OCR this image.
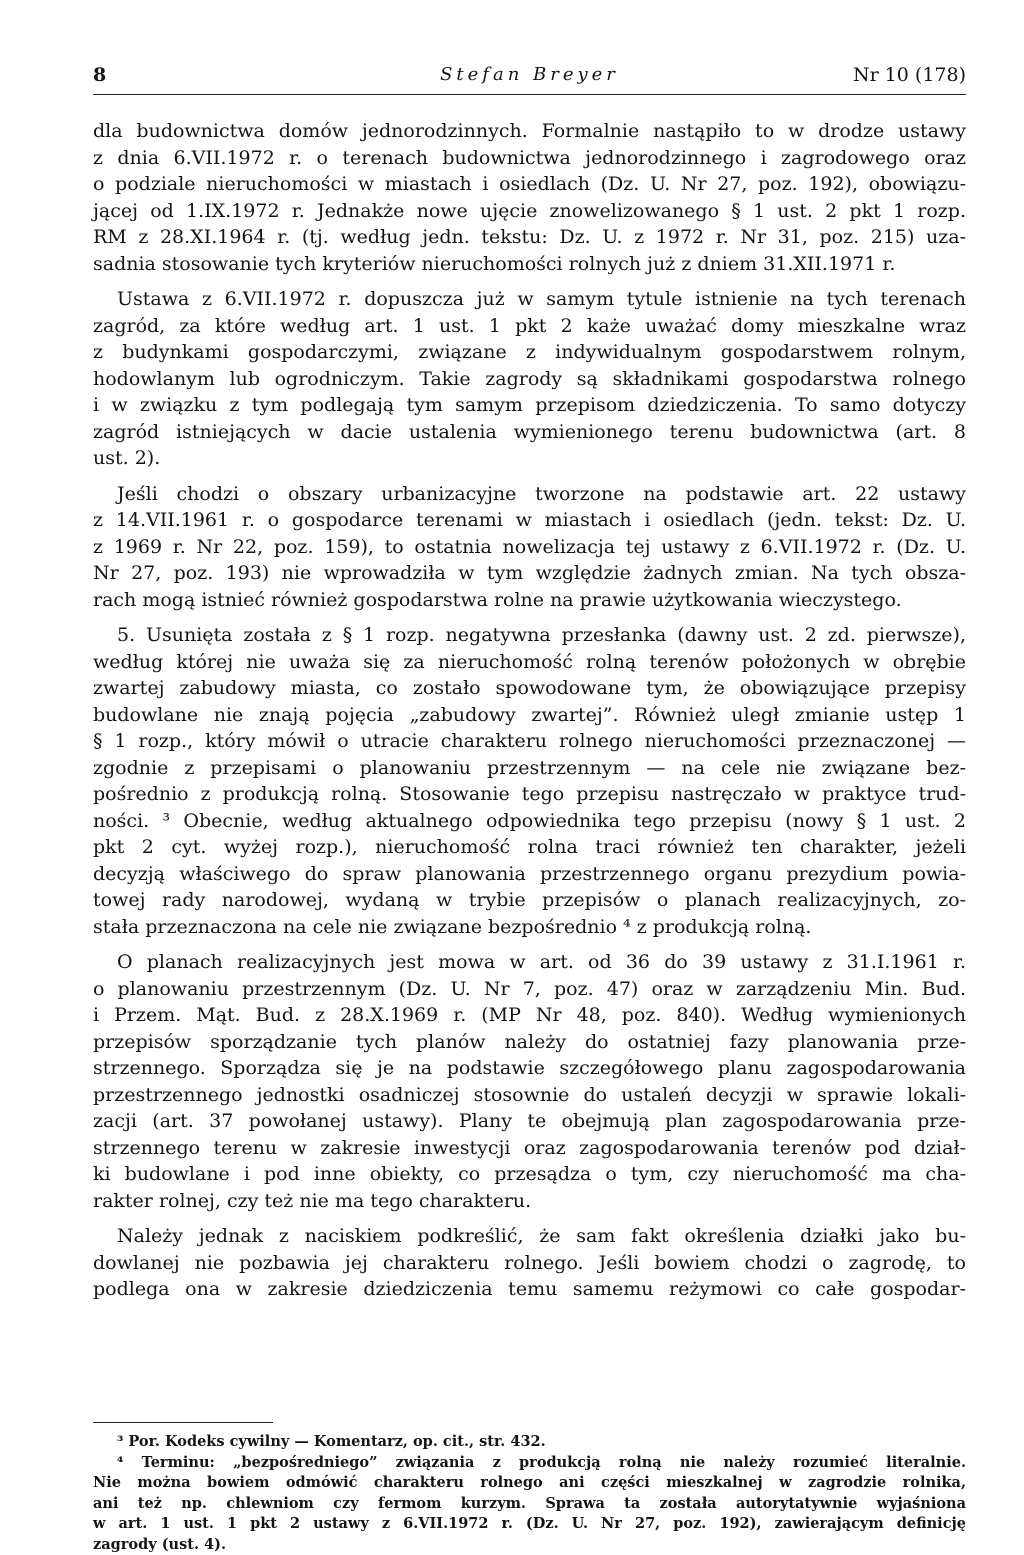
8	Stefan Breyer	Nr 10 (178)
dla budownictwa domów jednorodzinnych. Formalnie nastąpiło to w drodze ustawy
z dnia 6.VII.1972 r. o terenach budownictwa jednorodzinnego i zagrodowego oraz
o podziale nieruchomości w miastach i osiedlach (Dz. U. Nr 27, poz. 192), obowiązu-
jącej od 1.IX.1972 r. Jednakże nowe ujęcie znowelizowanego § 1 ust. 2 pkt 1 rozp.
RM z 28.XI.1964 r. (tj. według jedn. tekstu: Dz. U. z 1972 r. Nr 31, poz. 215) uza-
sadnia stosowanie tych kryteriów nieruchomości rolnych już z dniem 31.XII.1971 r.
Ustawa z 6.VII.1972 r. dopuszcza już w samym tytule istnienie na tych terenach
zagród, za które według art. 1 ust. 1 pkt 2 każe uważać domy mieszkalne wraz
z budynkami gospodarczymi, związane z indywidualnym gospodarstwem rolnym,
hodowlanym lub ogrodniczym. Takie zagrody są składnikami gospodarstwa rolnego
i w związku z tym podlegają tym samym przepisom dziedziczenia. To samo dotyczy
zagród istniejących w dacie ustalenia wymienionego terenu budownictwa (art. 8
ust. 2).
Jeśli chodzi o obszary urbanizacyjne tworzone na podstawie art. 22 ustawy
z 14.VII.1961 r. o gospodarce terenami w miastach i osiedlach (jedn. tekst: Dz. U.
z 1969 r. Nr 22, poz. 159), to ostatnia nowelizacja tej ustawy z 6.VII.1972 r. (Dz. U.
Nr 27, poz. 193) nie wprowadziła w tym względzie żadnych zmian. Na tych obsza-
rach mogą istnieć również gospodarstwa rolne na prawie użytkowania wieczystego.
5. Usunięta została z § 1 rozp. negatywna przesłanka (dawny ust. 2 zd. pierwsze),
według której nie uważa się za nieruchomość rolną terenów położonych w obrębie
zwartej zabudowy miasta, co zostało spowodowane tym, że obowiązujące przepisy
budowlane nie znają pojęcia „zabudowy zwartej”. Również uległ zmianie ustęp 1
§ 1 rozp., który mówił o utracie charakteru rolnego nieruchomości przeznaczonej —
zgodnie z przepisami o planowaniu przestrzennym — na cele nie związane bez-
pośrednio z produkcją rolną. Stosowanie tego przepisu nastręczało w praktyce trud-
ności. ³ Obecnie, według aktualnego odpowiednika tego przepisu (nowy § 1 ust. 2
pkt 2 cyt. wyżej rozp.), nieruchomość rolna traci również ten charakter, jeżeli
decyzją właściwego do spraw planowania przestrzennego organu prezydium powia-
towej rady narodowej, wydaną w trybie przepisów o planach realizacyjnych, zo-
stała przeznaczona na cele nie związane bezpośrednio ⁴ z produkcją rolną.
O planach realizacyjnych jest mowa w art. od 36 do 39 ustawy z 31.I.1961 r.
o planowaniu przestrzennym (Dz. U. Nr 7, poz. 47) oraz w zarządzeniu Min. Bud.
i Przem. Mąt. Bud. z 28.X.1969 r. (MP Nr 48, poz. 840). Według wymienionych
przepisów sporządzanie tych planów należy do ostatniej fazy planowania prze-
strzennego. Sporządza się je na podstawie szczegółowego planu zagospodarowania
przestrzennego jednostki osadniczej stosownie do ustaleń decyzji w sprawie lokali-
zacji (art. 37 powołanej ustawy). Plany te obejmują plan zagospodarowania prze-
strzennego terenu w zakresie inwestycji oraz zagospodarowania terenów pod dział-
ki budowlane i pod inne obiekty, co przesądza o tym, czy nieruchomość ma cha-
rakter rolnej, czy też nie ma tego charakteru.
Należy jednak z naciskiem podkreślić, że sam fakt określenia działki jako bu-
dowlanej nie pozbawia jej charakteru rolnego. Jeśli bowiem chodzi o zagrodę, to
podlega ona w zakresie dziedziczenia temu samemu reżymowi co całe gospodar-
³ Por. Kodeks cywilny — Komentarz, op. cit., str. 432.
⁴ Terminu: „bezpośredniego” związania z produkcją rolną nie należy rozumieć literalnie.
Nie można bowiem odmówić charakteru rolnego ani części mieszkalnej w zagrodzie rolnika,
ani też np. chlewniom czy fermom kurzym. Sprawa ta została autorytatywnie wyjaśniona
w art. 1 ust. 1 pkt 2 ustawy z 6.VII.1972 r. (Dz. U. Nr 27, poz. 192), zawierającym definicję
zagrody (ust. 4).
